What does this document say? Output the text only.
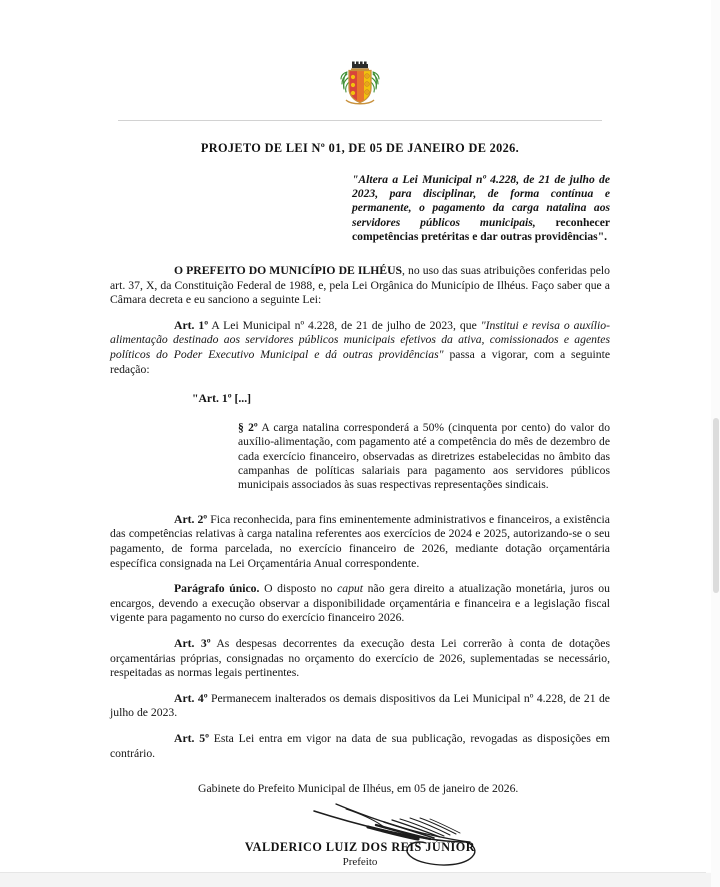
PROJETO DE LEI Nº 01, DE 05 DE JANEIRO DE 2026.
"Altera a Lei Municipal nº 4.228, de 21 de julho de 2023, para disciplinar, de forma contínua e permanente, o pagamento da carga natalina aos servidores públicos municipais, reconhecer competências pretéritas e dar outras providências".

O PREFEITO DO MUNICÍPIO DE ILHÉUS, no uso das suas atribuições conferidas pelo art. 37, X, da Constituição Federal de 1988, e, pela Lei Orgânica do Município de Ilhéus. Faço saber que a Câmara decreta e eu sanciono a seguinte Lei:

Art. 1º A Lei Municipal nº 4.228, de 21 de julho de 2023, que "Institui e revisa o auxílio-alimentação destinado aos servidores públicos municipais efetivos da ativa, comissionados e agentes políticos do Poder Executivo Municipal e dá outras providências" passa a vigorar, com a seguinte redação:

"Art. 1º [...]
§ 2º A carga natalina corresponderá a 50% (cinquenta por cento) do valor do auxílio-alimentação, com pagamento até a competência do mês de dezembro de cada exercício financeiro, observadas as diretrizes estabelecidas no âmbito das campanhas de políticas salariais para pagamento aos servidores públicos municipais associados às suas respectivas representações sindicais.

Art. 2º Fica reconhecida, para fins eminentemente administrativos e financeiros, a existência das competências relativas à carga natalina referentes aos exercícios de 2024 e 2025, autorizando-se o seu pagamento, de forma parcelada, no exercício financeiro de 2026, mediante dotação orçamentária específica consignada na Lei Orçamentária Anual correspondente.

Parágrafo único. O disposto no caput não gera direito a atualização monetária, juros ou encargos, devendo a execução observar a disponibilidade orçamentária e financeira e a legislação fiscal vigente para pagamento no curso do exercício financeiro 2026.

Art. 3º As despesas decorrentes da execução desta Lei correrão à conta de dotações orçamentárias próprias, consignadas no orçamento do exercício de 2026, suplementadas se necessário, respeitadas as normas legais pertinentes.

Art. 4º Permanecem inalterados os demais dispositivos da Lei Municipal nº 4.228, de 21 de julho de 2023.

Art. 5º Esta Lei entra em vigor na data de sua publicação, revogadas as disposições em contrário.

Gabinete do Prefeito Municipal de Ilhéus, em 05 de janeiro de 2026.
VALDERICO LUIZ DOS REIS JÚNIOR
Prefeito
